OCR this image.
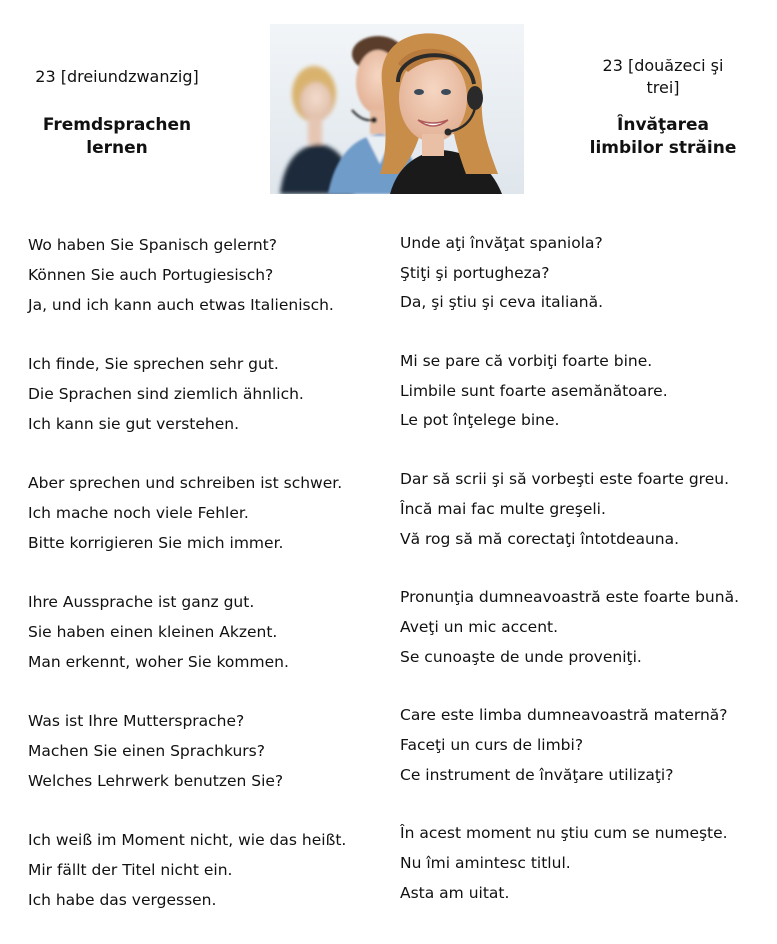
23 [dreiundzwanzig]
Fremdsprachen
lernen
23 [douăzeci şi
trei]
Învăţarea
limbilor străine
Wo haben Sie Spanisch gelernt?
Können Sie auch Portugiesisch?
Ja, und ich kann auch etwas Italienisch.
Ich finde, Sie sprechen sehr gut.
Die Sprachen sind ziemlich ähnlich.
Ich kann sie gut verstehen.
Aber sprechen und schreiben ist schwer.
Ich mache noch viele Fehler.
Bitte korrigieren Sie mich immer.
Ihre Aussprache ist ganz gut.
Sie haben einen kleinen Akzent.
Man erkennt, woher Sie kommen.
Was ist Ihre Muttersprache?
Machen Sie einen Sprachkurs?
Welches Lehrwerk benutzen Sie?
Ich weiß im Moment nicht, wie das heißt.
Mir fällt der Titel nicht ein.
Ich habe das vergessen.
Unde aţi învăţat spaniola?
Ştiţi şi portugheza?
Da, şi ştiu şi ceva italiană.
Mi se pare că vorbiţi foarte bine.
Limbile sunt foarte asemănătoare.
Le pot înţelege bine.
Dar să scrii şi să vorbeşti este foarte greu.
Încă mai fac multe greşeli.
Vă rog să mă corectaţi întotdeauna.
Pronunţia dumneavoastră este foarte bună.
Aveţi un mic accent.
Se cunoaşte de unde proveniţi.
Care este limba dumneavoastră maternă?
Faceţi un curs de limbi?
Ce instrument de învăţare utilizaţi?
În acest moment nu ştiu cum se numeşte.
Nu îmi amintesc titlul.
Asta am uitat.
